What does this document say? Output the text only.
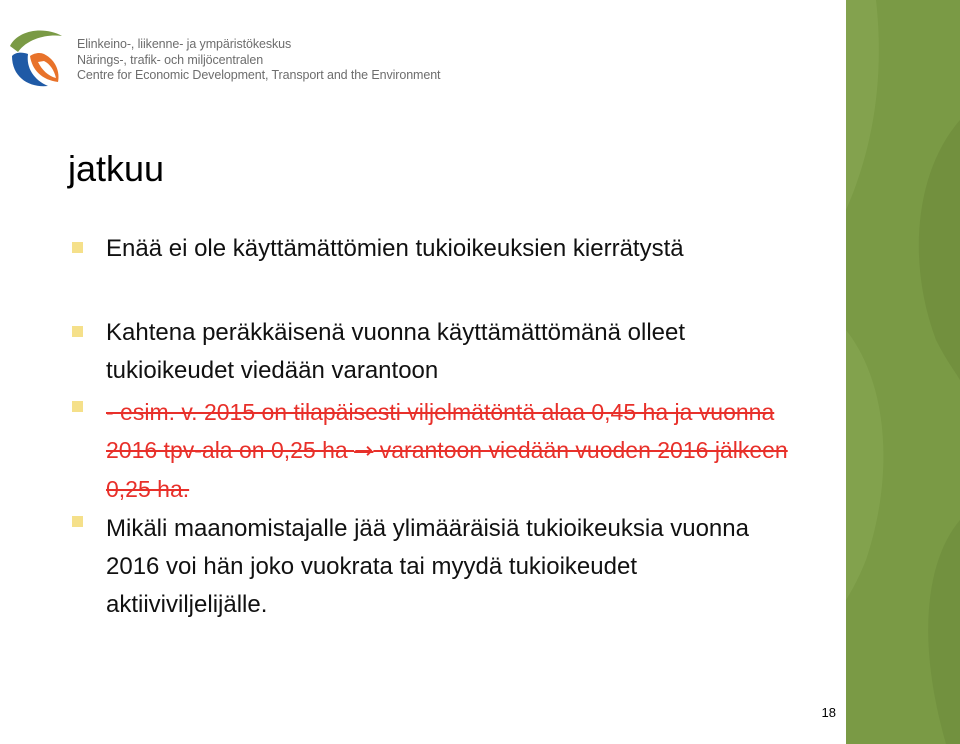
Elinkeino-, liikenne- ja ympäristökeskus
Närings-, trafik- och miljöcentralen
Centre for Economic Development, Transport and the Environment
18
jatkuu
Enää ei ole käyttämättömien tukioikeuksien kierrätystä
Kahtena peräkkäisenä vuonna käyttämättömänä olleet tukioikeudet viedään varantoon
- esim. v. 2015 on tilapäisesti viljelmätöntä alaa 0,45 ha ja vuonna 2016 tpv-ala on 0,25 ha → varantoon viedään vuoden 2016 jälkeen 0,25 ha.
Mikäli maanomistajalle jää ylimääräisiä tukioikeuksia vuonna 2016 voi hän joko vuokrata tai myydä tukioikeudet aktiiviviljelijälle.
